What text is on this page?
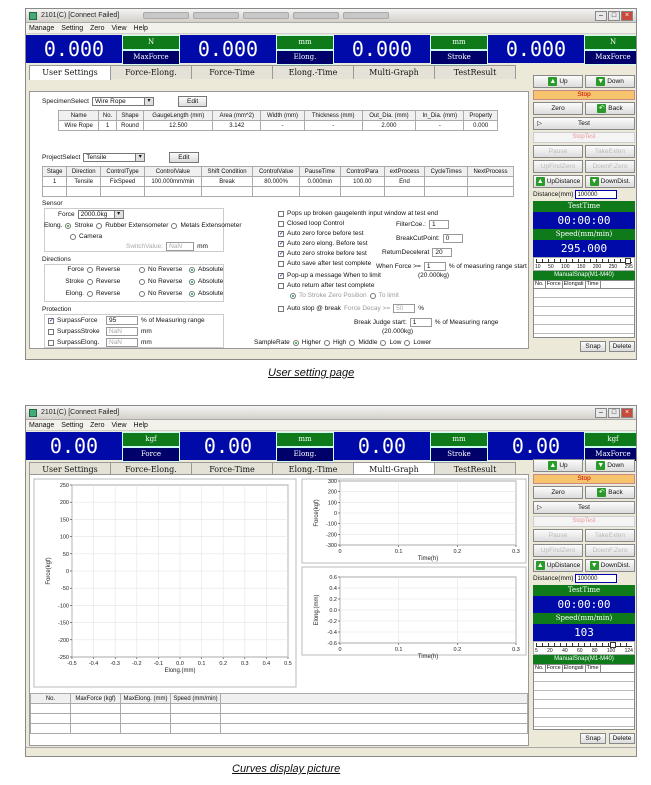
2101(C) [Connect Failed]	–	□	×
Manage Setting Zero View Help
0.000	N
MaxForce	0.000	mm
Elong.	0.000	mm
Stroke	0.000	N
MaxForce
User Settings	Force-Elong.	Force-Time	Elong.-Time	Multi-Graph	TestResult
SpecimenSelect Wire Rope ▾	Edit
Name	No.	Shape	GaugeLength (mm)	Area (mm^2)	Width (mm)	Thickness (mm)	Out_Dia. (mm)	In_Dia. (mm)	Property
Wire Rope	1	Round	12.500	3.142	-	-	2.000	-	0.000
ProjectSelect Tensile ▾	Edit
Stage	Direction	ControlType	ControlValue	Shift Condition	ControlValue	PauseTime	ControlPara	extProcess	CycleTimes	NextProcess
1	Tensile	FixSpeed	100.000mm/min	Break	80.000%	0.000min	100.00	End		

Sensor
Force 2000.0kg ▾
Elong. Stroke Rubber Extensometer Metals Extensometer
Camera
SwitchValue: NaN	mm
Directions
Force Reverse	No Reverse	Absolute
Stroke Reverse	No Reverse	Absolute
Elong. Reverse	No Reverse	Absolute
Protection
✓
SurpassForce	95	% of Measuring range
SurpassStroke	NaN	mm
SurpassElong.	NaN	mm
Pops up broken gaugelenth input window at test end
Closed loop Control
✓
Auto zero force before test
✓
Auto zero elong. Before test
✓
Auto zero stroke before test
Auto save after test complete
✓
Pop-up a message When to limit
Auto return after test complete
To Stroke Zero Position To limit
FilterCoe.: 1
BreakCutPoint: 0
ReturnDecelerat 20
When Force >= 1	% of measuring range start
(20.000kg)
Auto stop @ break Force Decay >= 50	%
Break Judge start: 1	% of Measuring range
(20.000kg)
SampleRate Higher High Middle Low Lower
▲ Up	▼ Down
Stop
Zero	↶ Back
▷	Test
StopTest
Pause	TakeExten
UpFindZero	DownF.Zero
▲ UpDistance ▼ DownDist.
Distance(mm) 100000
TestTime
00:00:00
Speed(mm/min)
295.000
10 50 100 150 200 250 295
ManualSnap(M1-M40)
No. Force Elongati Time
Snap	Delete
User setting page
2101(C) [Connect Failed]	–	□	×
Manage Setting Zero View Help
0.00	kgf
Force	0.00	mm
Elong.	0.00	mm
Stroke	0.00	kgf
MaxForce
User Settings	Force-Elong.	Force-Time	Elong.-Time	Multi-Graph	TestResult
-0.5 -0.4 -0.3 -0.2 -0.1 0.0	0.1	0.2	0.3	0.4	0.5
250
200
150
100
50
0
-50
-100
-150
-200
-250
Elong.(mm)
Force(kgf)
0	0.1	0.2	0.3
300
200
100
0
-100
-200
-300
Time(h)
Force(kgf)
0	0.1	0.2	0.3
0.6
0.4
0.2
0.0
-0.2
-0.4
-0.6
Time(h)
Elong.(mm)
No.	MaxForce (kgf)	MaxElong. (mm)	Speed (mm/min)	

▲ Up	▼ Down
Stop
Zero	↶ Back
▷	Test
StopTest
Pause	TakeExten
UpFindZero	DownF.Zero
▲ UpDistance ▼ DownDist.
Distance(mm) 100000
TestTime
00:00:00
Speed(mm/min)
103
5 20 40 60 80 100 124
ManualSnap(M1-M40)
No. Force Elongati Time
Snap	Delete
Curves display picture
